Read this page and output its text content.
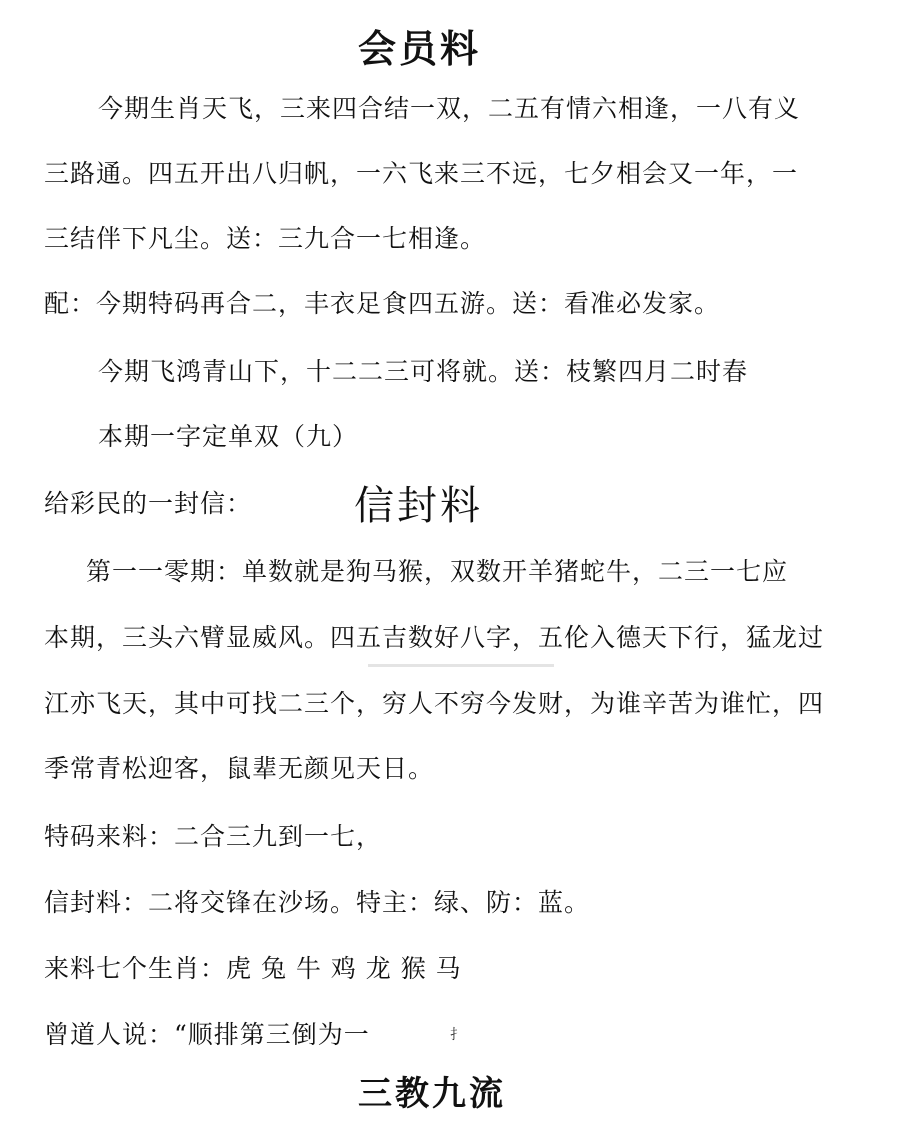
会员料
今期生肖天飞，三来四合结一双，二五有情六相逢，一八有义
三路通。四五开出八归帆，一六飞来三不远，七夕相会又一年，一
三结伴下凡尘。送：三九合一七相逢。
配：今期特码再合二，丰衣足食四五游。送：看准必发家。
今期飞鸿青山下，十二二三可将就。送：枝繁四月二时春
本期一字定单双（九）
给彩民的一封信：	信封料
第一一零期：单数就是狗马猴，双数开羊猪蛇牛，二三一七应
本期，三头六臂显威风。四五吉数好八字，五伦入德天下行，猛龙过
江亦飞天，其中可找二三个，穷人不穷今发财，为谁辛苦为谁忙，四
季常青松迎客，鼠辈无颜见天日。
特码来料：二合三九到一七，
信封料：二将交锋在沙场。特主：绿、防：蓝。
来料七个生肖：虎 兔 牛 鸡 龙 猴 马
曾道人说：“顺排第三倒为一	⺘
三教九流
